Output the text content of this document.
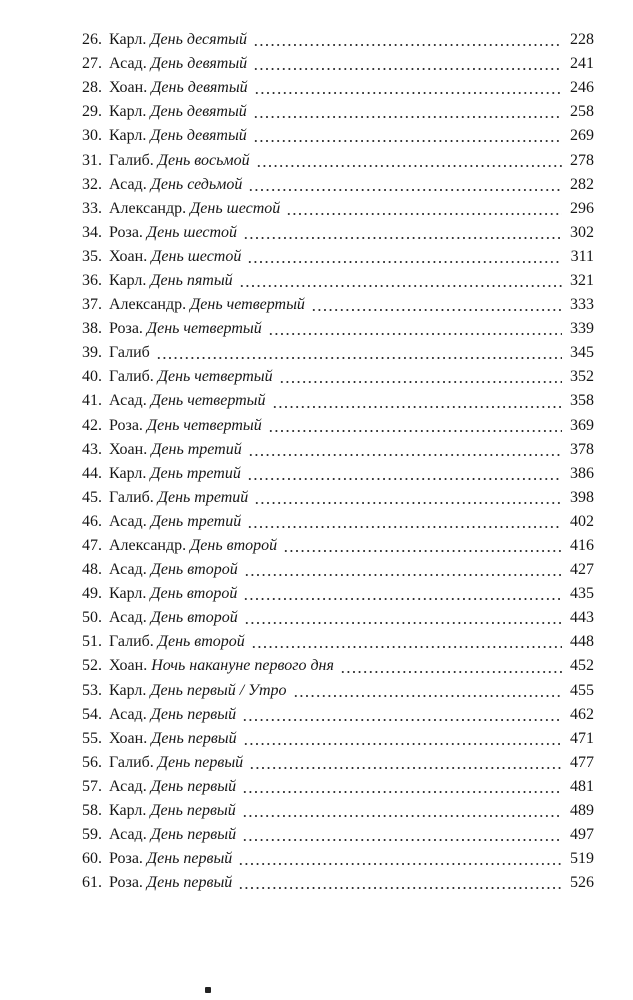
26. Карл. День десятый	228
27. Асад. День девятый	241
28. Хоан. День девятый	246
29. Карл. День девятый	258
30. Карл. День девятый	269
31. Галиб. День восьмой	278
32. Асад. День седьмой	282
33. Александр. День шестой	296
34. Роза. День шестой	302
35. Хоан. День шестой	311
36. Карл. День пятый	321
37. Александр. День четвертый	333
38. Роза. День четвертый	339
39. Галиб	345
40. Галиб. День четвертый	352
41. Асад. День четвертый	358
42. Роза. День четвертый	369
43. Хоан. День третий	378
44. Карл. День третий	386
45. Галиб. День третий	398
46. Асад. День третий	402
47. Александр. День второй	416
48. Асад. День второй	427
49. Карл. День второй	435
50. Асад. День второй	443
51. Галиб. День второй	448
52. Хоан. Ночь накануне первого дня	452
53. Карл. День первый / Утро	455
54. Асад. День первый	462
55. Хоан. День первый	471
56. Галиб. День первый	477
57. Асад. День первый	481
58. Карл. День первый	489
59. Асад. День первый	497
60. Роза. День первый	519
61. Роза. День первый	526
